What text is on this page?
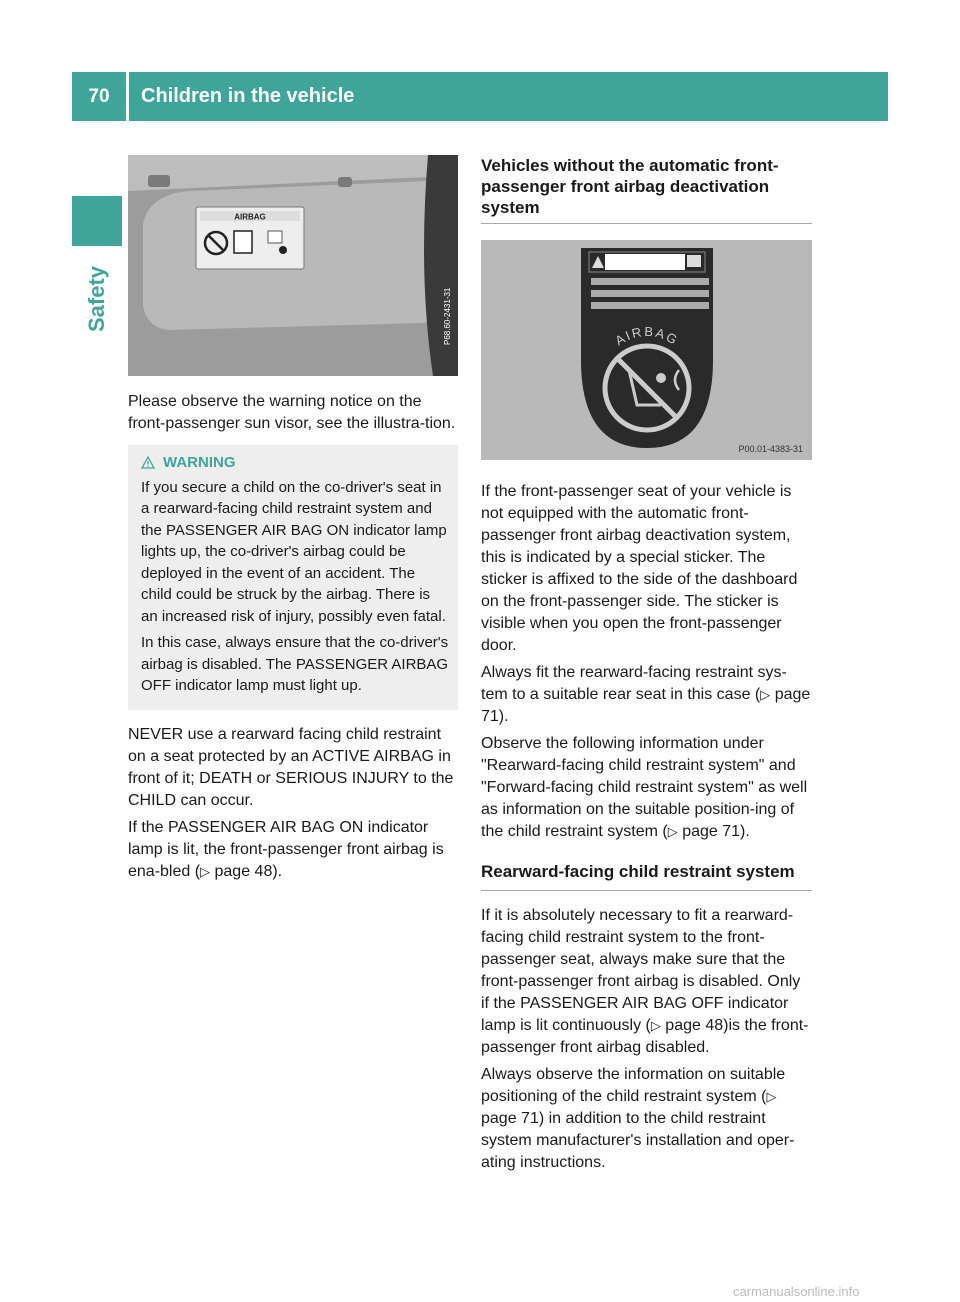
70	Children in the vehicle
Safety
AIRBAG
P68.60-2431-31

Please observe the warning notice on the front-passenger sun visor, see the illustra-tion.

WARNING

If you secure a child on the co-driver's seat in a rearward-facing child restraint system and the PASSENGER AIR BAG ON indicator lamp lights up, the co-driver's airbag could be deployed in the event of an accident. The child could be struck by the airbag. There is an increased risk of injury, possibly even fatal.

In this case, always ensure that the co-driver's airbag is disabled. The PASSENGER AIRBAG OFF indicator lamp must light up.

NEVER use a rearward facing child restraint on a seat protected by an ACTIVE AIRBAG in front of it; DEATH or SERIOUS INJURY to the CHILD can occur.

If the PASSENGER AIR BAG ON indicator lamp is lit, the front-passenger front airbag is ena-bled (▷ page 48).

Vehicles without the automatic front-passenger front airbag deactivation system
AIRBAG
P00.01-4383-31

If the front-passenger seat of your vehicle is not equipped with the automatic front-passenger front airbag deactivation system, this is indicated by a special sticker. The sticker is affixed to the side of the dashboard on the front-passenger side. The sticker is visible when you open the front-passenger door.

Always fit the rearward-facing restraint sys-tem to a suitable rear seat in this case (▷ page 71).

Observe the following information under "Rearward-facing child restraint system" and "Forward-facing child restraint system" as well as information on the suitable position-ing of the child restraint system (▷ page 71).

Rearward-facing child restraint system

If it is absolutely necessary to fit a rearward-facing child restraint system to the front-passenger seat, always make sure that the front-passenger front airbag is disabled. Only if the PASSENGER AIR BAG OFF indicator lamp is lit continuously (▷ page 48)is the front-passenger front airbag disabled.

Always observe the information on suitable positioning of the child restraint system (▷ page 71) in addition to the child restraint system manufacturer's installation and oper-ating instructions.

carmanualsonline.info
